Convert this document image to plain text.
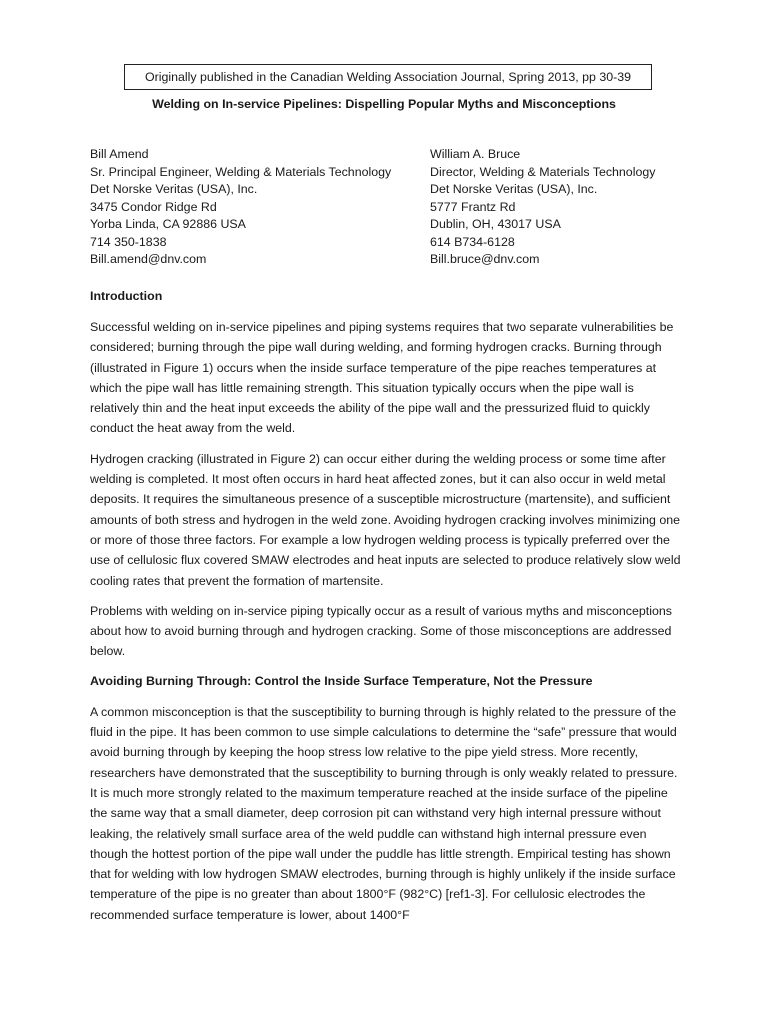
Originally published in the Canadian Welding Association Journal, Spring 2013, pp 30-39
Welding on In-service Pipelines: Dispelling Popular Myths and Misconceptions
Bill Amend
Sr. Principal Engineer, Welding & Materials Technology
Det Norske Veritas (USA), Inc.
3475 Condor Ridge Rd
Yorba Linda, CA 92886 USA
714 350-1838
Bill.amend@dnv.com
William A. Bruce
Director, Welding & Materials Technology
Det Norske Veritas (USA), Inc.
5777 Frantz Rd
Dublin, OH, 43017 USA
614 B734-6128
Bill.bruce@dnv.com
Introduction

Successful welding on in-service pipelines and piping systems requires that two separate vulnerabilities be considered; burning through the pipe wall during welding, and forming hydrogen cracks. Burning through (illustrated in Figure 1) occurs when the inside surface temperature of the pipe reaches temperatures at which the pipe wall has little remaining strength. This situation typically occurs when the pipe wall is relatively thin and the heat input exceeds the ability of the pipe wall and the pressurized fluid to quickly conduct the heat away from the weld.

Hydrogen cracking (illustrated in Figure 2) can occur either during the welding process or some time after welding is completed. It most often occurs in hard heat affected zones, but it can also occur in weld metal deposits. It requires the simultaneous presence of a susceptible microstructure (martensite), and sufficient amounts of both stress and hydrogen in the weld zone. Avoiding hydrogen cracking involves minimizing one or more of those three factors. For example a low hydrogen welding process is typically preferred over the use of cellulosic flux covered SMAW electrodes and heat inputs are selected to produce relatively slow weld cooling rates that prevent the formation of martensite.

Problems with welding on in-service piping typically occur as a result of various myths and misconceptions about how to avoid burning through and hydrogen cracking. Some of those misconceptions are addressed below.

Avoiding Burning Through: Control the Inside Surface Temperature, Not the Pressure

A common misconception is that the susceptibility to burning through is highly related to the pressure of the fluid in the pipe. It has been common to use simple calculations to determine the “safe” pressure that would avoid burning through by keeping the hoop stress low relative to the pipe yield stress. More recently, researchers have demonstrated that the susceptibility to burning through is only weakly related to pressure. It is much more strongly related to the maximum temperature reached at the inside surface of the pipeline the same way that a small diameter, deep corrosion pit can withstand very high internal pressure without leaking, the relatively small surface area of the weld puddle can withstand high internal pressure even though the hottest portion of the pipe wall under the puddle has little strength. Empirical testing has shown that for welding with low hydrogen SMAW electrodes, burning through is highly unlikely if the inside surface temperature of the pipe is no greater than about 1800°F (982°C) [ref1-3]. For cellulosic electrodes the recommended surface temperature is lower, about 1400°F
